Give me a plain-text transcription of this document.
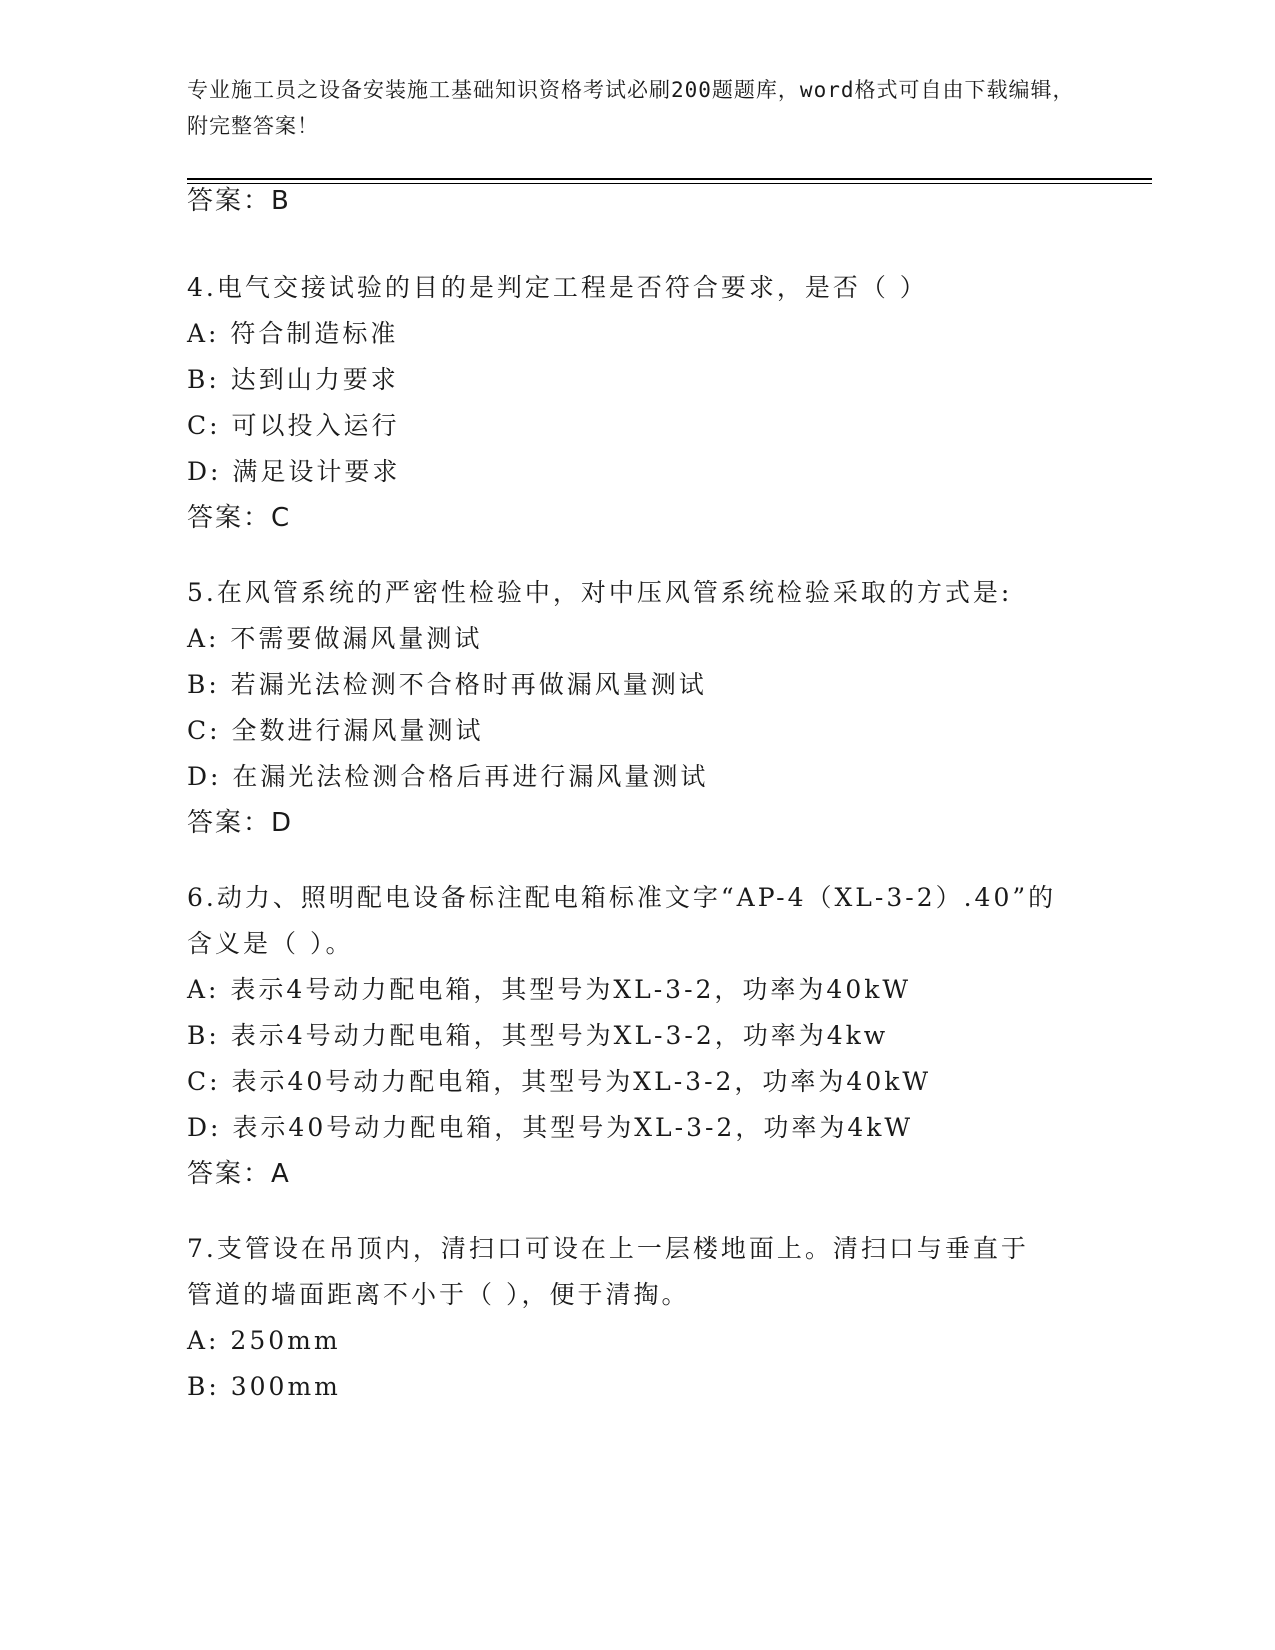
专业施工员之设备安装施工基础知识资格考试必刷200题题库，word格式可自由下载编辑，附完整答案！
答案：B
4.电气交接试验的目的是判定工程是否符合要求，是否（ ）
A: 符合制造标准
B: 达到山力要求
C: 可以投入运行
D: 满足设计要求
答案：C
5.在风管系统的严密性检验中，对中压风管系统检验采取的方式是:
A: 不需要做漏风量测试
B: 若漏光法检测不合格时再做漏风量测试
C: 全数进行漏风量测试
D: 在漏光法检测合格后再进行漏风量测试
答案：D
6.动力、照明配电设备标注配电箱标准文字“AP-4（XL-3-2）.40”的
含义是（ ）。
A: 表示4号动力配电箱，其型号为XL-3-2，功率为40kW
B: 表示4号动力配电箱，其型号为XL-3-2，功率为4kw
C: 表示40号动力配电箱，其型号为XL-3-2，功率为40kW
D: 表示40号动力配电箱，其型号为XL-3-2，功率为4kW
答案：A
7.支管设在吊顶内，清扫口可设在上一层楼地面上。清扫口与垂直于
管道的墙面距离不小于（ ），便于清掏。
A: 250mm
B: 300mm
